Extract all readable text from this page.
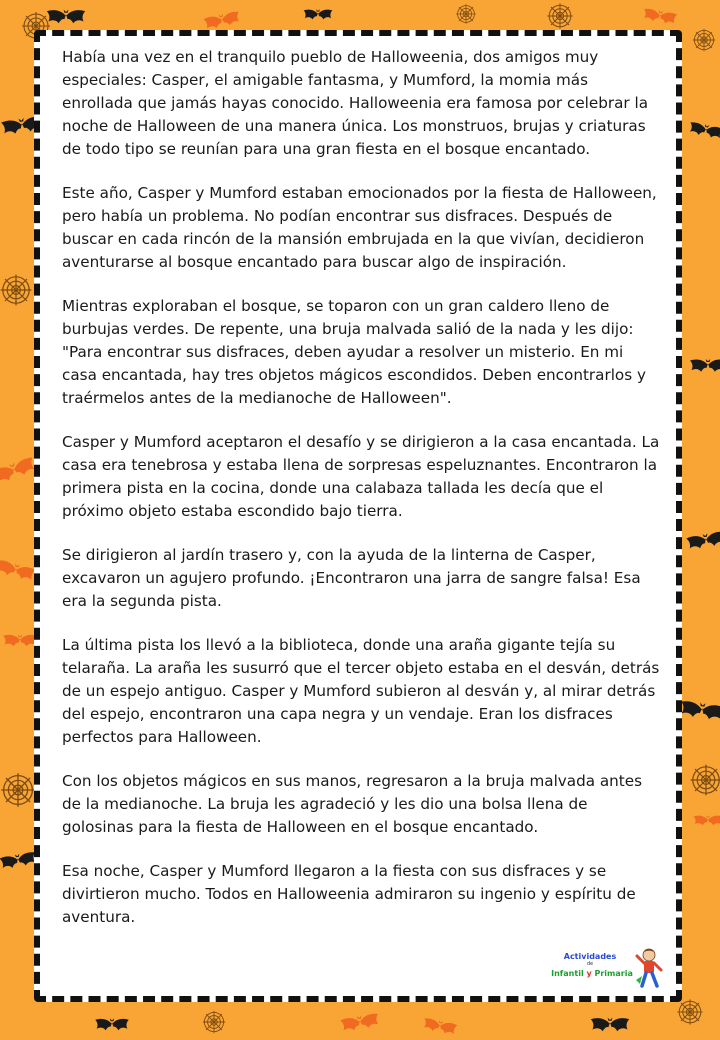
Había una vez en el tranquilo pueblo de Halloweenia, dos amigos muy especiales: Casper, el amigable fantasma, y Mumford, la momia más enrollada que jamás hayas conocido. Halloweenia era famosa por celebrar la noche de Halloween de una manera única. Los monstruos, brujas y criaturas de todo tipo se reunían para una gran fiesta en el bosque encantado.

Este año, Casper y Mumford estaban emocionados por la fiesta de Halloween, pero había un problema. No podían encontrar sus disfraces. Después de buscar en cada rincón de la mansión embrujada en la que vivían, decidieron aventurarse al bosque encantado para buscar algo de inspiración.

Mientras exploraban el bosque, se toparon con un gran caldero lleno de burbujas verdes. De repente, una bruja malvada salió de la nada y les dijo: "Para encontrar sus disfraces, deben ayudar a resolver un misterio. En mi casa encantada, hay tres objetos mágicos escondidos. Deben encontrarlos y traérmelos antes de la medianoche de Halloween".

Casper y Mumford aceptaron el desafío y se dirigieron a la casa encantada. La casa era tenebrosa y estaba llena de sorpresas espeluznantes. Encontraron la primera pista en la cocina, donde una calabaza tallada les decía que el próximo objeto estaba escondido bajo tierra.

Se dirigieron al jardín trasero y, con la ayuda de la linterna de Casper, excavaron un agujero profundo. ¡Encontraron una jarra de sangre falsa! Esa era la segunda pista.

La última pista los llevó a la biblioteca, donde una araña gigante tejía su telaraña. La araña les susurró que el tercer objeto estaba en el desván, detrás de un espejo antiguo. Casper y Mumford subieron al desván y, al mirar detrás del espejo, encontraron una capa negra y un vendaje. Eran los disfraces perfectos para Halloween.

Con los objetos mágicos en sus manos, regresaron a la bruja malvada antes de la medianoche. La bruja les agradeció y les dio una bolsa llena de golosinas para la fiesta de Halloween en el bosque encantado.

Esa noche, Casper y Mumford llegaron a la fiesta con sus disfraces y se divirtieron mucho. Todos en Halloweenia admiraron su ingenio y espíritu de aventura.

Actividades
de
Infantil y Primaria
